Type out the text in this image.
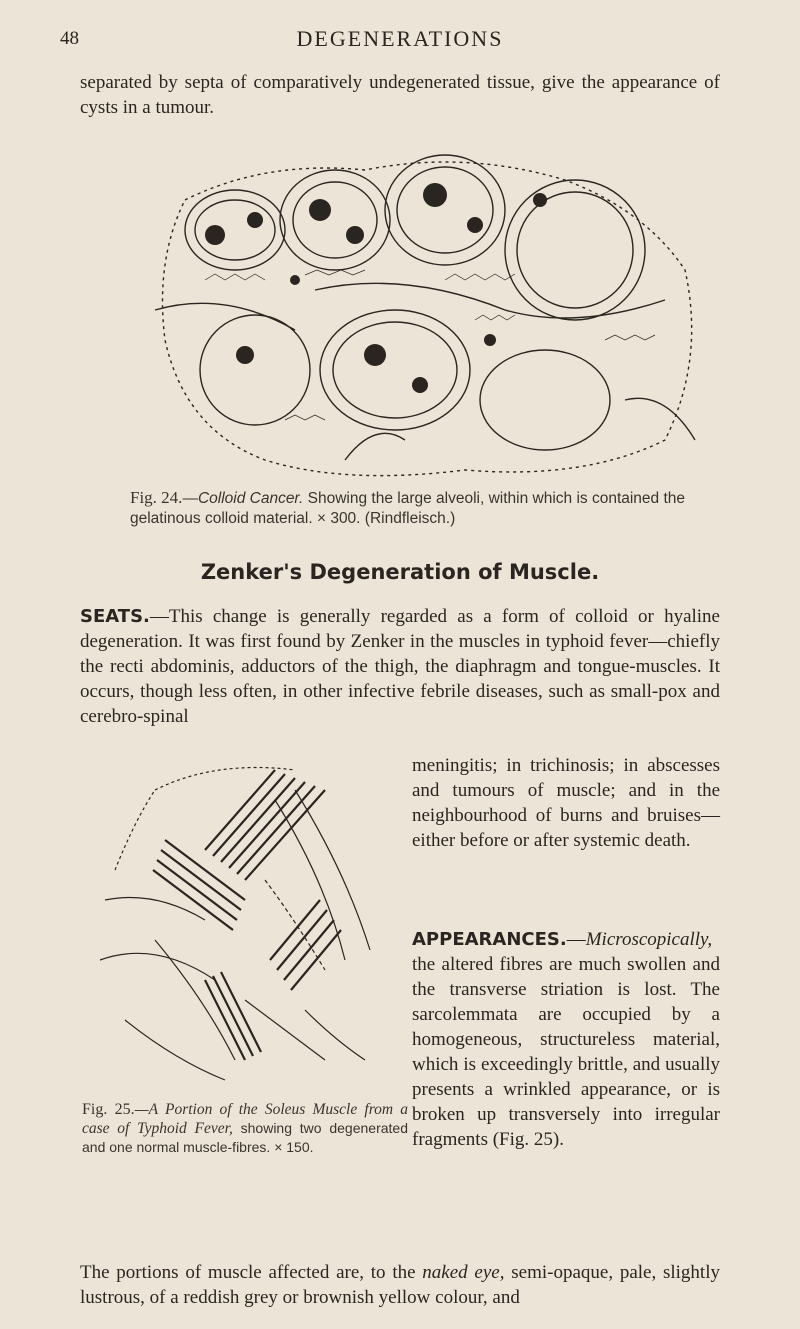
48	DEGENERATIONS
separated by septa of comparatively undegenerated tissue, give the appearance of cysts in a tumour.
Fig. 24.—Colloid Cancer. Showing the large alveoli, within which is contained the gelatinous colloid material. × 300. (Rindfleisch.)
Zenker's Degeneration of Muscle.
SEATS.—This change is generally regarded as a form of colloid or hyaline degeneration. It was first found by Zenker in the muscles in typhoid fever—chiefly the recti abdominis, adductors of the thigh, the diaphragm and tongue-muscles. It occurs, though less often, in other infective febrile diseases, such as small-pox and cerebro-spinal
meningitis; in trichinosis; in abscesses and tumours of muscle; and in the neighbourhood of burns and bruises—either before or after systemic death.
APPEARANCES.—Microscopically, the altered fibres are much swollen and the transverse striation is lost. The sarcolemmata are occupied by a homogeneous, structureless material, which is exceedingly brittle, and usually presents a wrinkled appearance, or is broken up transversely into irregular fragments (Fig. 25).
Fig. 25.—A Portion of the Soleus Muscle from a case of Typhoid Fever, showing two degenerated and one normal muscle-fibres. × 150.
The portions of muscle affected are, to the naked eye, semi-opaque, pale, slightly lustrous, of a reddish grey or brownish yellow colour, and
